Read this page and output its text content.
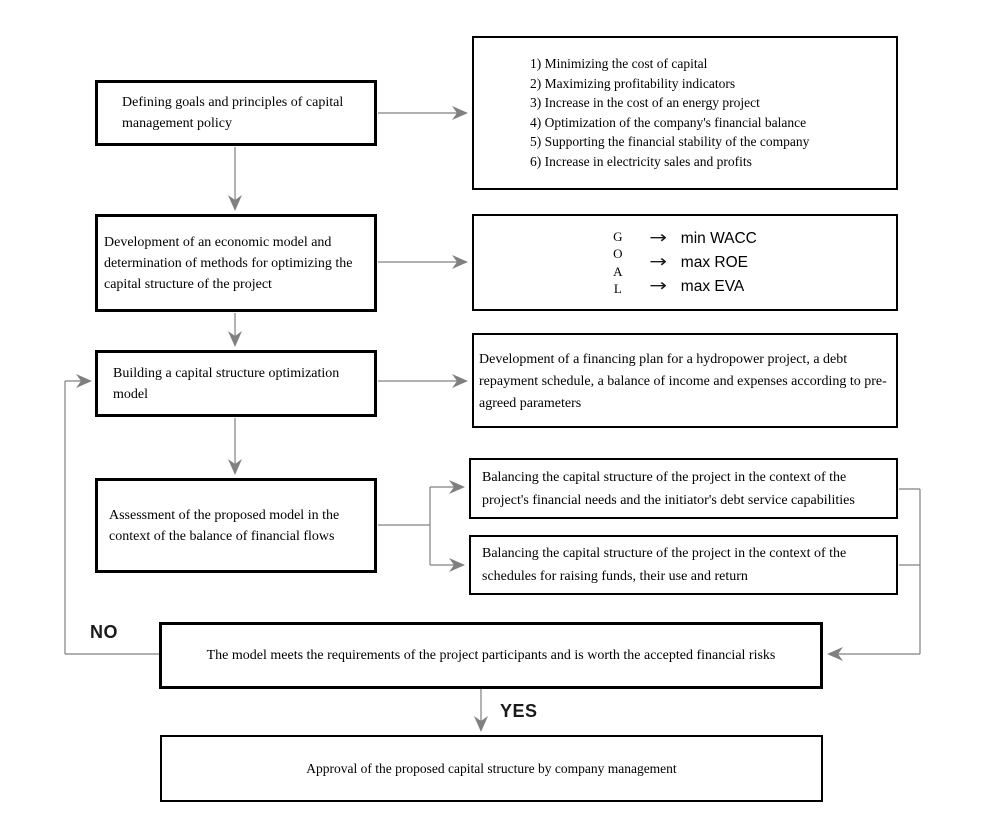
Defining goals and principles of capital management policy
Development of an economic model and determination of methods for optimizing the capital structure of the project
Building a capital structure optimization model
Assessment of the proposed model in the context of the balance of financial flows
1) Minimizing the cost of capital
2) Maximizing profitability indicators
3) Increase in the cost of an energy project
4) Optimization of the company's financial balance
5) Supporting the financial stability of the company
6) Increase in electricity sales and profits
G
O
A
L
→ min WACC
→ max ROE
→ max EVA
Development of a financing plan for a hydropower project, a debt repayment schedule, a balance of income and expenses according to pre-agreed parameters
Balancing the capital structure of the project in the context of the project's financial needs and the initiator's debt service capabilities
Balancing the capital structure of the project in the context of the schedules for raising funds, their use and return
The model meets the requirements of the project participants and is worth the accepted financial risks
Approval of the proposed capital structure by company management
NO
YES
